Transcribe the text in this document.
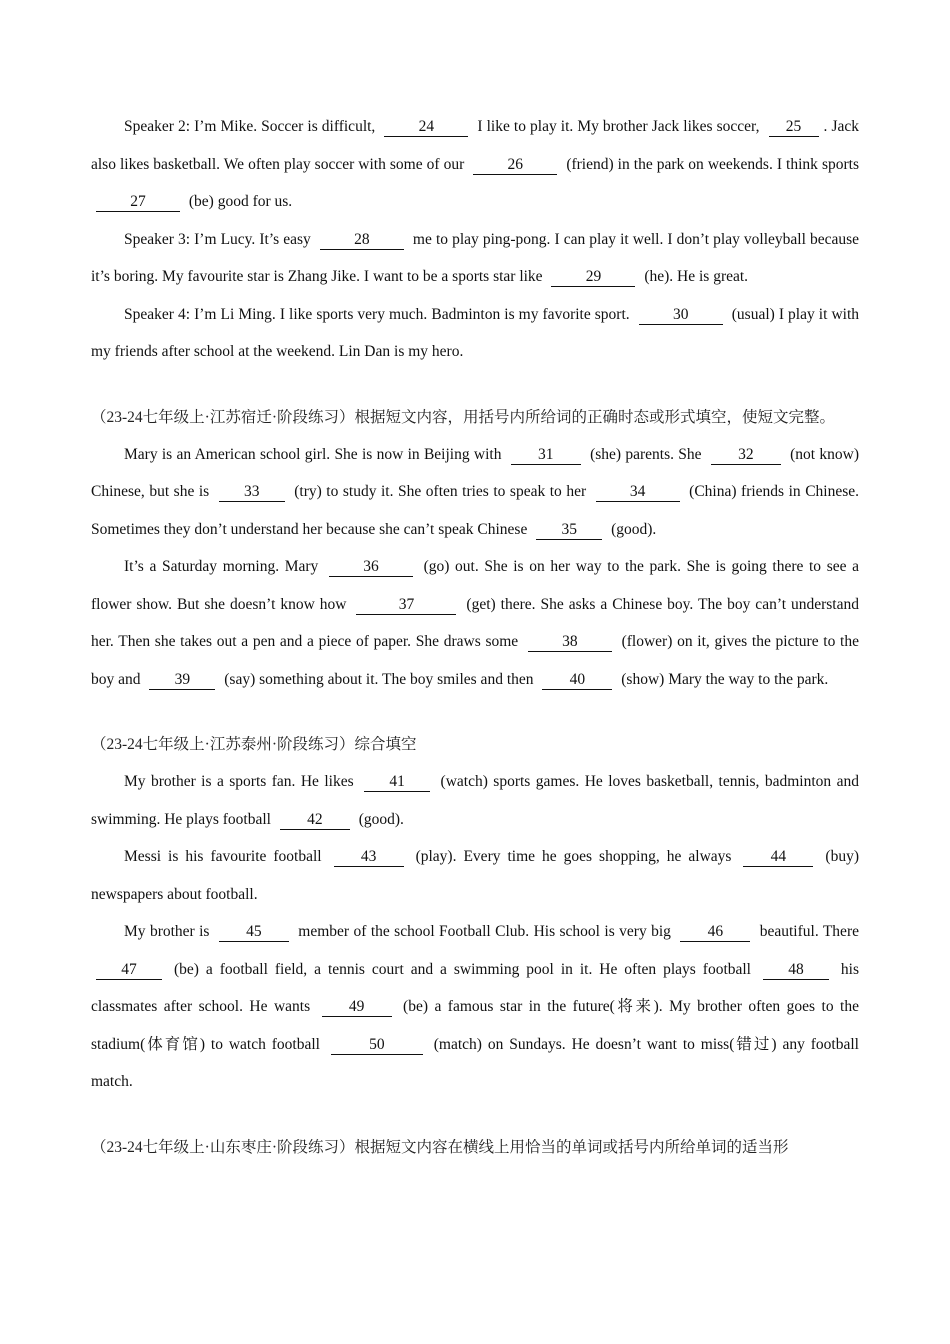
Speaker 2: I’m Mike. Soccer is difficult,	24	I like to play it. My brother Jack likes soccer, 25 . Jack also likes basketball. We often play soccer with some of our	26	(friend) in the park on weekends. I think sports 27	(be) good for us.

Speaker 3: I’m Lucy. It’s easy	28	me to play ping-pong. I can play it well. I don’t play volleyball because it’s boring. My favourite star is Zhang Jike. I want to be a sports star like	29	(he). He is great.

Speaker 4: I’m Li Ming. I like sports very much. Badminton is my favorite sport.	30	(usual) I play it with my friends after school at the weekend. Lin Dan is my hero.

（23-24七年级上·江苏宿迁·阶段练习）根据短文内容，用括号内所给词的正确时态或形式填空，使短文完整。

Mary is an American school girl. She is now in Beijing with 31 (she) parents. She 32 (not know) Chinese, but she is 33 (try) to study it. She often tries to speak to her	34	(China) friends in Chinese. Sometimes they don’t understand her because she can’t speak Chinese 35 (good).

It’s a Saturday morning. Mary	36	(go) out. She is on her way to the park. She is going there to see a flower show. But she doesn’t know how	37	(get) there. She asks a Chinese boy. The boy can’t understand her. Then she takes out a pen and a piece of paper. She draws some	38	(flower) on it, gives the picture to the boy and 39 (say) something about it. The boy smiles and then 40 (show) Mary the way to the park.

（23-24七年级上·江苏泰州·阶段练习）综合填空

My brother is a sports fan. He likes 41 (watch) sports games. He loves basketball, tennis, badminton and swimming. He plays football 42 (good).

Messi is his favourite football 43 (play). Every time he goes shopping, he always 44 (buy) newspapers about football.

My brother is 45 member of the school Football Club. His school is very big 46 beautiful. There 47 (be) a football field, a tennis court and a swimming pool in it. He often plays football 48 his classmates after school. He wants 49 (be) a famous star in the future(将来). My brother often goes to the stadium(体育馆) to watch football	50	(match) on Sundays. He doesn’t want to miss(错过) any football match.

（23-24七年级上·山东枣庄·阶段练习）根据短文内容在横线上用恰当的单词或括号内所给单词的适当形
